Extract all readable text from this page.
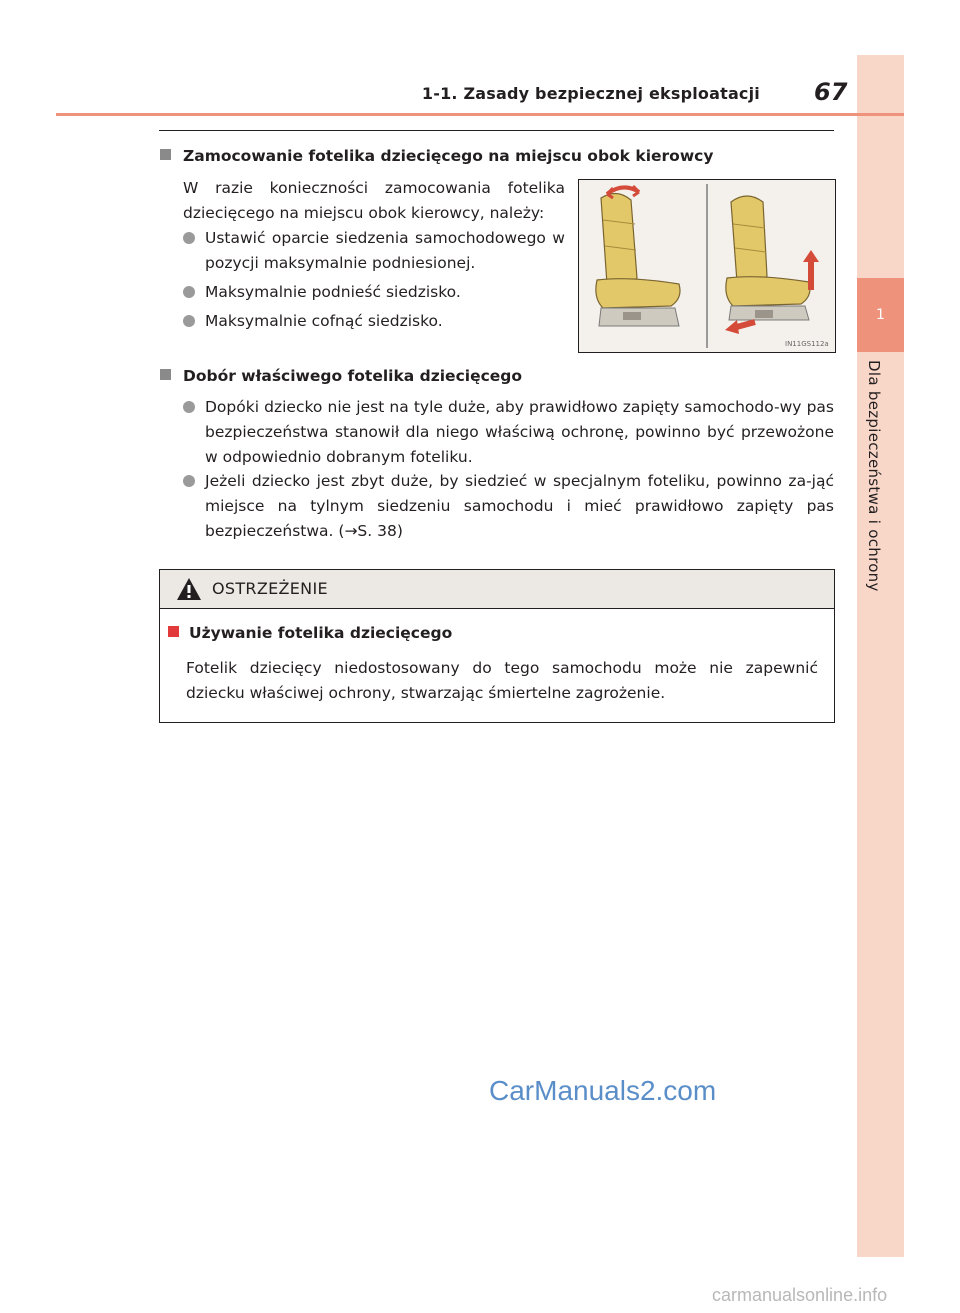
1
Dla bezpieczeństwa i ochrony
1-1. Zasady bezpiecznej eksploatacji 67
Zamocowanie fotelika dziecięcego na miejscu obok kierowcy
W razie konieczności zamocowania fotelika dziecięcego na miejscu obok kierowcy, należy:
Ustawić oparcie siedzenia samochodowego w pozycji maksymalnie podniesionej.
Maksymalnie podnieść siedzisko.
Maksymalnie cofnąć siedzisko.
IN11GS112a
Dobór właściwego fotelika dziecięcego
Dopóki dziecko nie jest na tyle duże, aby prawidłowo zapięty samochodo-wy pas bezpieczeństwa stanowił dla niego właściwą ochronę, powinno być przewożone w odpowiednio dobranym foteliku.
Jeżeli dziecko jest zbyt duże, by siedzieć w specjalnym foteliku, powinno za-jąć miejsce na tylnym siedzeniu samochodu i mieć prawidłowo zapięty pas bezpieczeństwa. (→S. 38)
OSTRZEŻENIE
Używanie fotelika dziecięcego
Fotelik dziecięcy niedostosowany do tego samochodu może nie zapewnić dziecku właściwej ochrony, stwarzając śmiertelne zagrożenie.
CarManuals2.com
carmanualsonline.info
